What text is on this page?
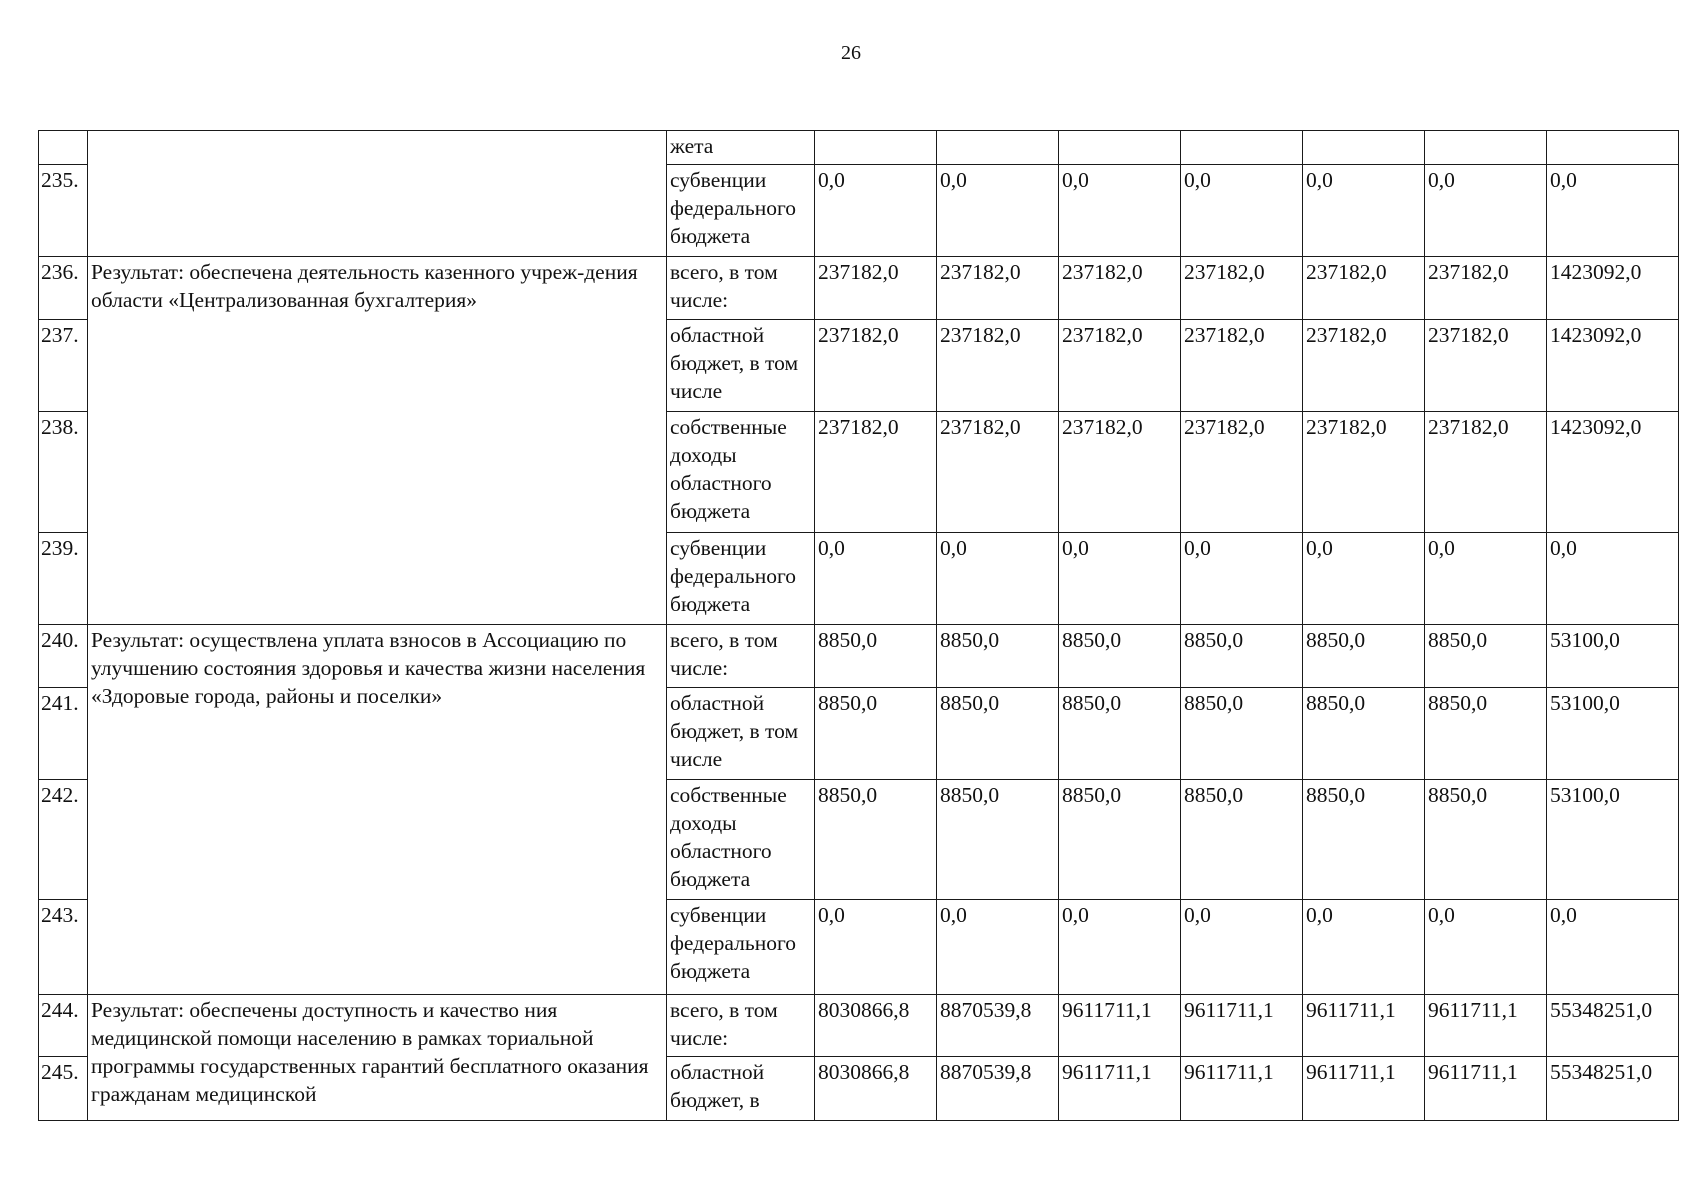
26
		жета							
235.		субвенции федерального бюджета	0,0	0,0	0,0	0,0	0,0	0,0	0,0
236.	Результат: обеспечена деятельность казенного учреж-дения области «Централизованная бухгалтерия»	всего, в том числе:	237182,0	237182,0	237182,0	237182,0	237182,0	237182,0	1423092,0
237.		областной бюджет, в том числе	237182,0	237182,0	237182,0	237182,0	237182,0	237182,0	1423092,0
238.		собственные доходы областного бюджета	237182,0	237182,0	237182,0	237182,0	237182,0	237182,0	1423092,0
239.		субвенции федерального бюджета	0,0	0,0	0,0	0,0	0,0	0,0	0,0
240.	Результат: осуществлена уплата взносов в Ассоциацию по улучшению состояния здоровья и качества жизни населения «Здоровые города, районы и поселки»	всего, в том числе:	8850,0	8850,0	8850,0	8850,0	8850,0	8850,0	53100,0
241.		областной бюджет, в том числе	8850,0	8850,0	8850,0	8850,0	8850,0	8850,0	53100,0
242.		собственные доходы областного бюджета	8850,0	8850,0	8850,0	8850,0	8850,0	8850,0	53100,0
243.		субвенции федерального бюджета	0,0	0,0	0,0	0,0	0,0	0,0	0,0
244.	Результат: обеспечены доступность и качество ния медицинской помощи населению в рамках ториальной программы государственных гарантий бесплатного оказания гражданам медицинской	всего, в том числе:	8030866,8	8870539,8	9611711,1	9611711,1	9611711,1	9611711,1	55348251,0
245.		областной бюджет, в	8030866,8	8870539,8	9611711,1	9611711,1	9611711,1	9611711,1	55348251,0
